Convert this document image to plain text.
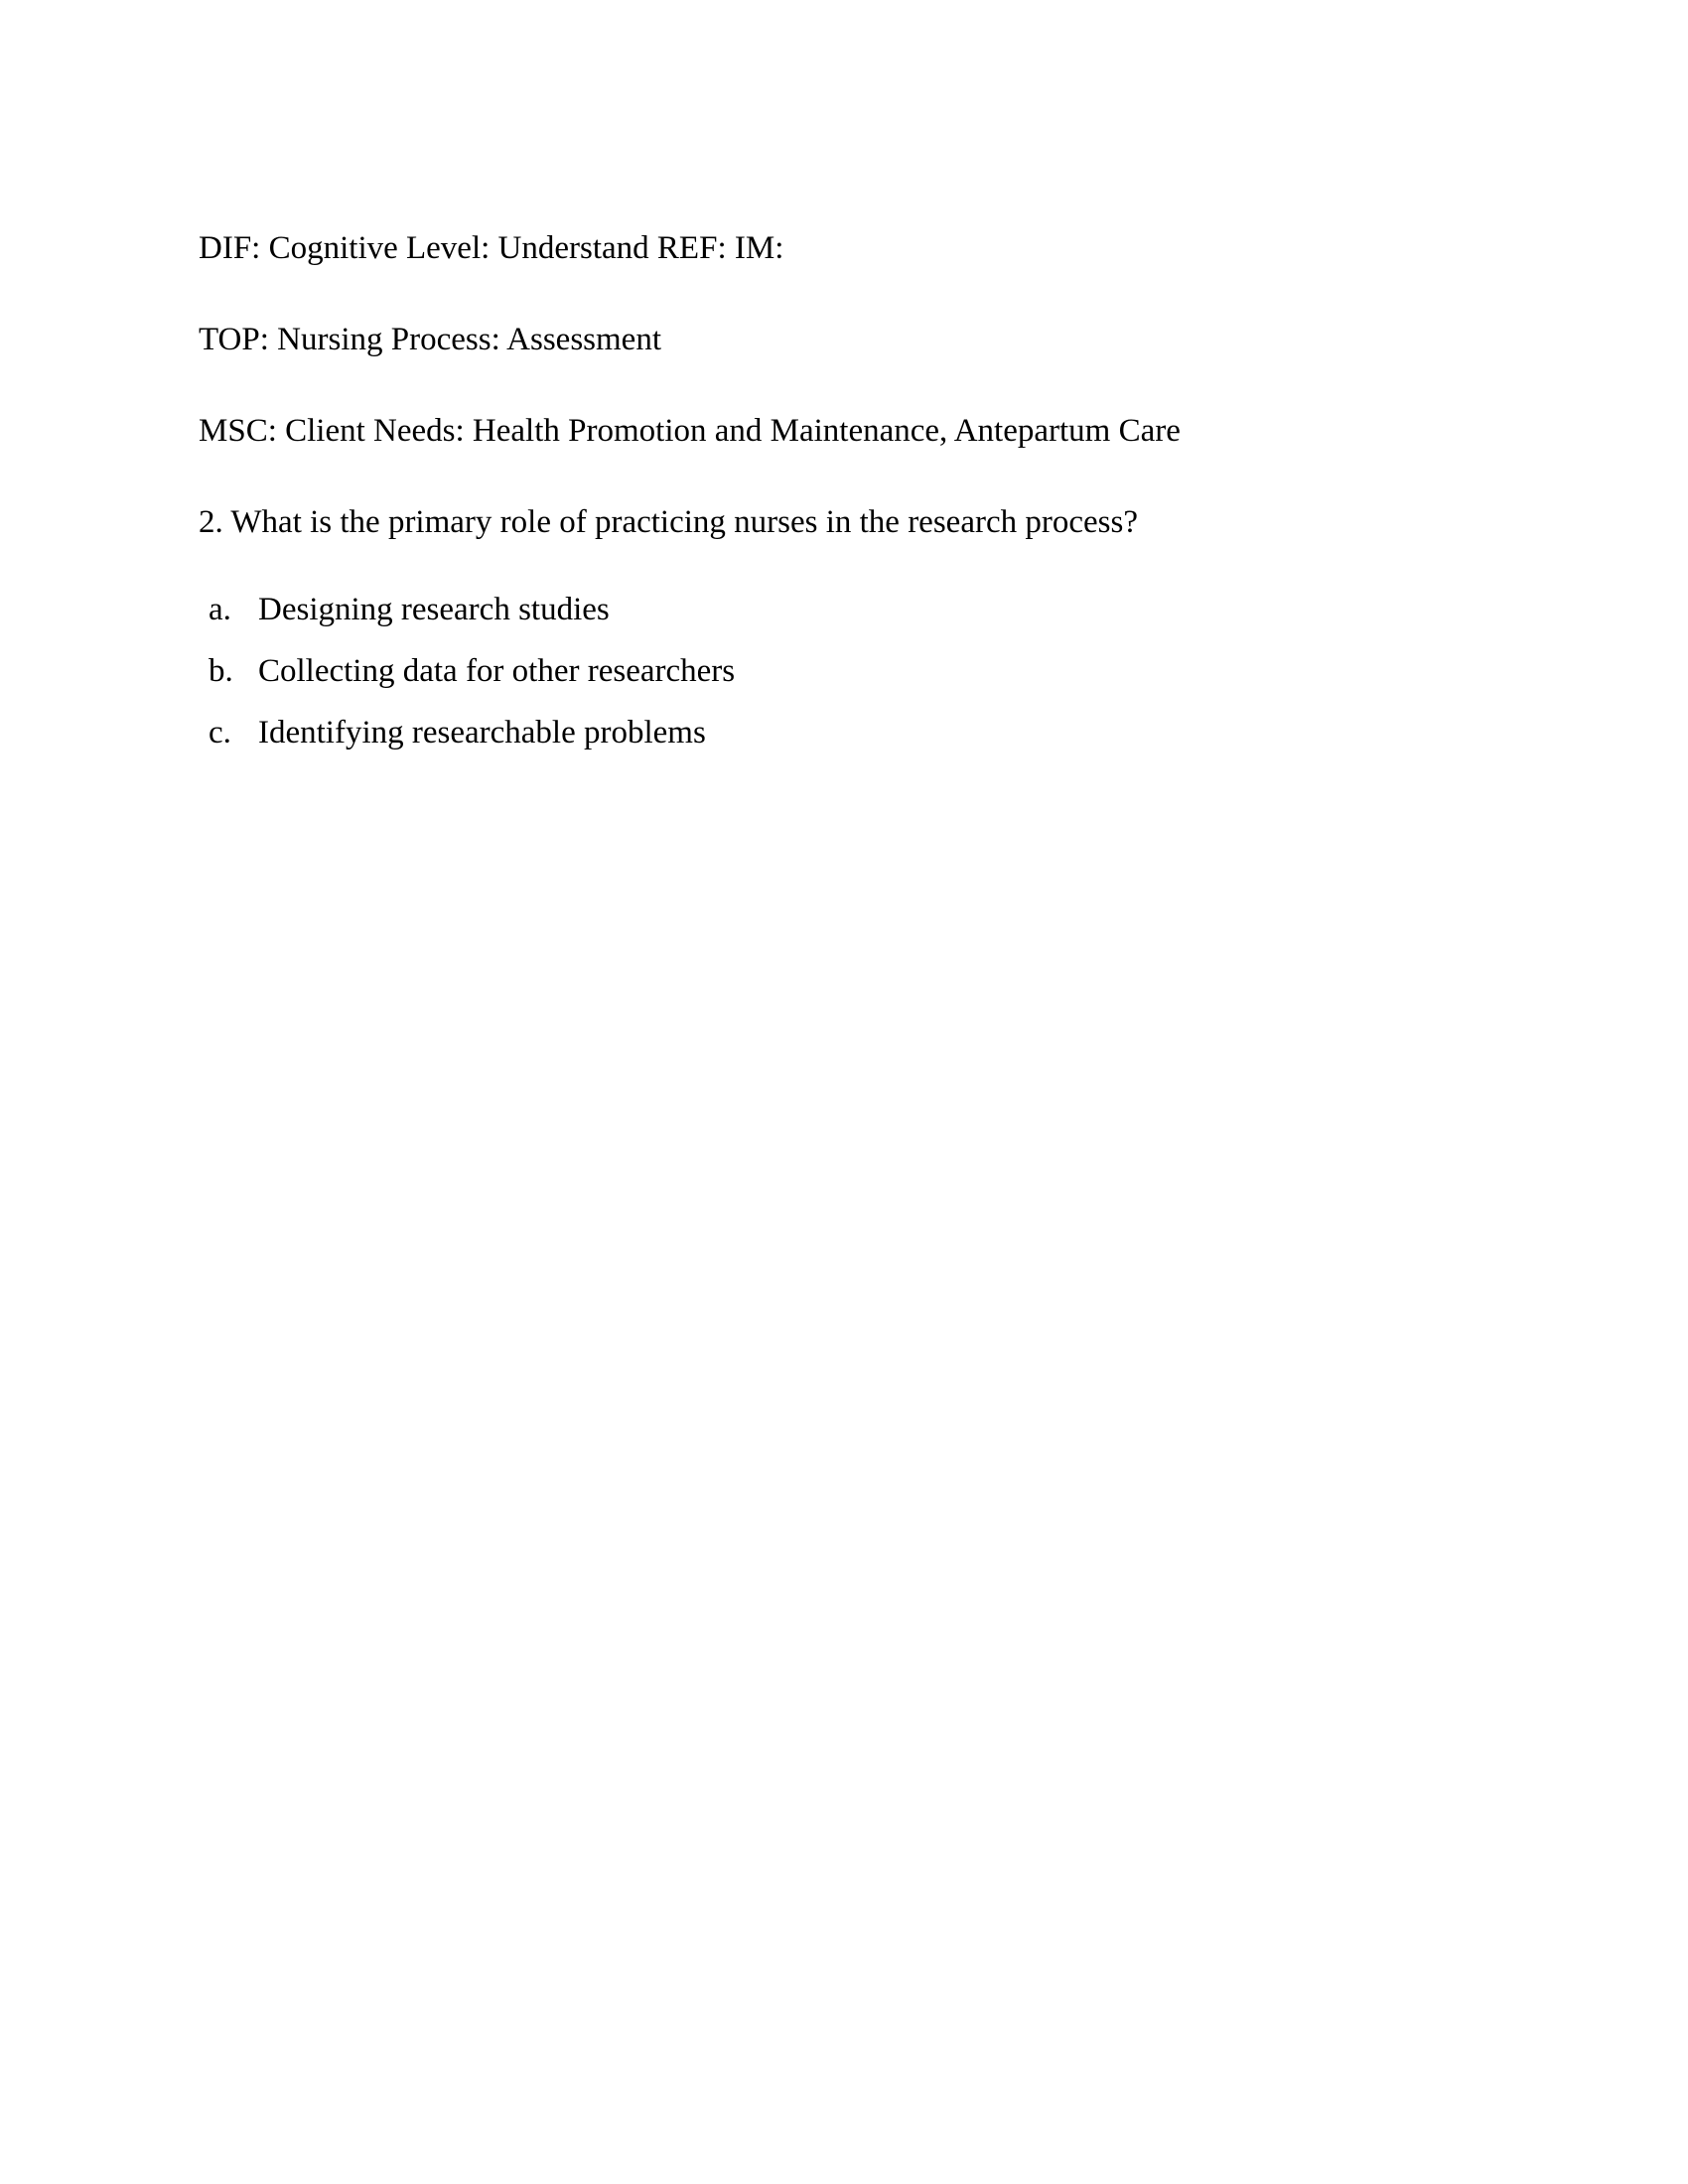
DIF: Cognitive Level: Understand REF: IM:
TOP: Nursing Process: Assessment
MSC: Client Needs: Health Promotion and Maintenance, Antepartum Care
2. What is the primary role of practicing nurses in the research process?
a. Designing research studies
b. Collecting data for other researchers
c. Identifying researchable problems
